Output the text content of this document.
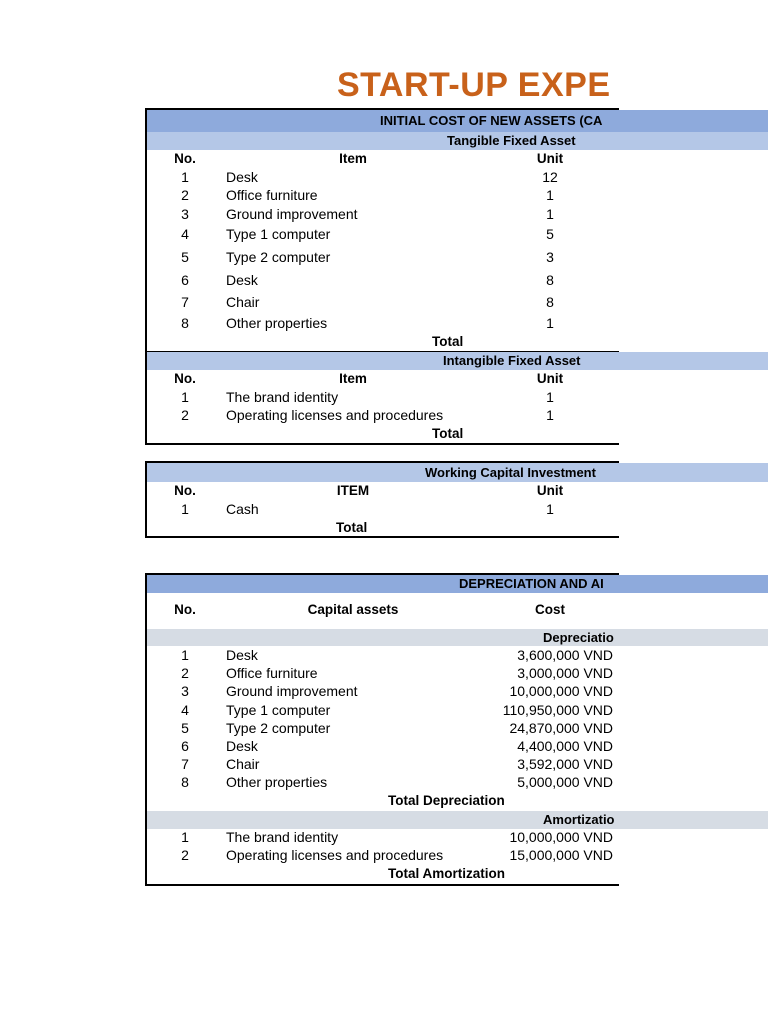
START-UP EXPE
INITIAL COST OF NEW ASSETS (CA
Tangible Fixed Asset
No.	Item	Unit
1	Desk	12
2	Office furniture	1
3	Ground improvement	1
4	Type 1 computer	5
5	Type 2 computer	3
6	Desk	8
7	Chair	8
8	Other properties	1
Total
Intangible Fixed Asset
No.	Item	Unit
1	The brand identity	1
2	Operating licenses and procedures	1
Total
Working Capital Investment
No.	ITEM	Unit
1	Cash	1
Total
DEPRECIATION AND AI
No.	Capital assets	Cost
Depreciatio
1	Desk	3,600,000 VND
2	Office furniture	3,000,000 VND
3	Ground improvement	10,000,000 VND
4	Type 1 computer	110,950,000 VND
5	Type 2 computer	24,870,000 VND
6	Desk	4,400,000 VND
7	Chair	3,592,000 VND
8	Other properties	5,000,000 VND
Total Depreciation
Amortizatio
1	The brand identity	10,000,000 VND
2	Operating licenses and procedures	15,000,000 VND
Total Amortization
